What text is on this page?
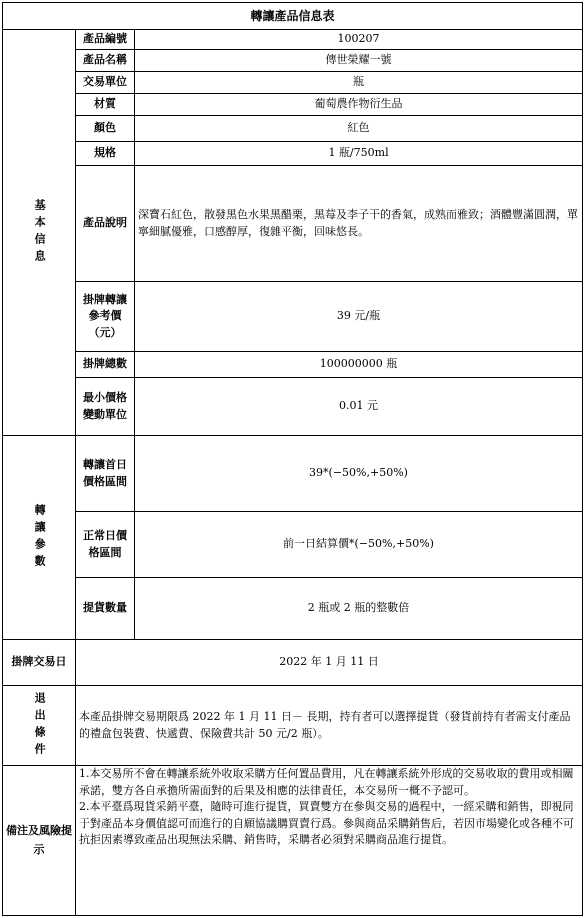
轉讓產品信息表		
基本信息	產品編號	100207
	產品名稱	傳世榮耀一號
	交易單位	瓶
	材質	葡萄農作物衍生品
	顏色	紅色
	規格	1 瓶/750ml
	產品說明	深寶石紅色，散發黑色水果黑醋栗，黑莓及李子干的香氣，成熟而雅致；酒體豐滿圓潤，單寧細膩優雅，口感醇厚，復雜平衡，回味悠長。
	掛牌轉讓參考價（元）	39 元/瓶
	掛牌總數	100000000 瓶
	最小價格變動單位	0.01 元
轉讓參數	轉讓首日價格區間	39*(−50%,+50%)
	正常日價格區間	前一日結算價*(−50%,+50%)
	提貨數量	2 瓶或 2 瓶的整數倍
掛牌交易日	2022 年 1 月 11 日	
退出條件	本產品掛牌交易期限爲 2022 年 1 月 11 日－ 長期，持有者可以選擇提貨（發貨前持有者需支付產品的禮盒包裝費、快遞費、保險費共計 50 元/2 瓶）。	
備注及風險提示	1.本交易所不會在轉讓系統外收取采購方任何置品費用，凡在轉讓系統外形成的交易收取的費用或相關承諾，雙方各自承擔所需面對的后果及相應的法律責任，本交易所一概不予認可。

2.本平臺爲現貨采銷平臺，隨時可進行提貨，買賣雙方在參與交易的過程中，一經采購和銷售，即視同于對產品本身價值認可而進行的自願協議購買賣行爲。參與商品采購銷售后，若因市場變化或各種不可抗拒因素導致產品出現無法采購、銷售時，采購者必須對采購商品進行提貨。	
